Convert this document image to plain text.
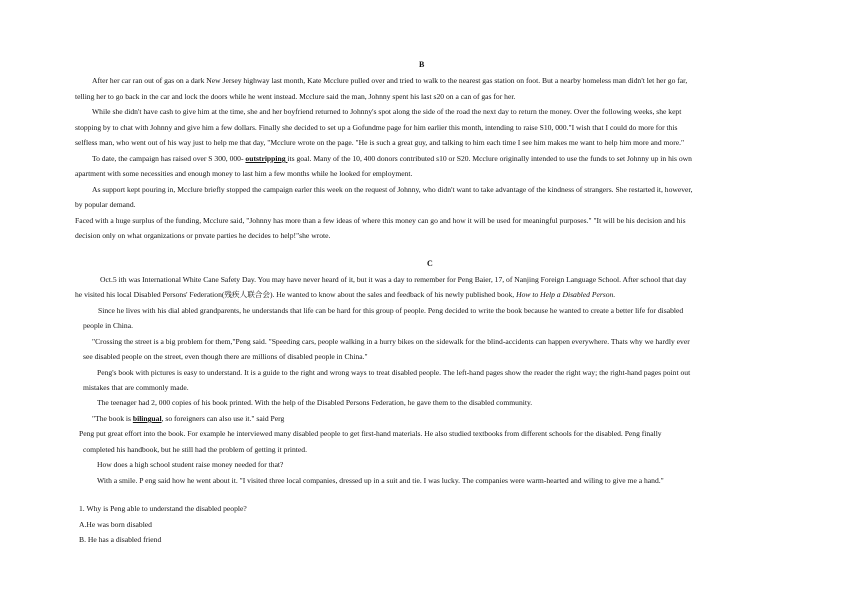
B
After her car ran out of gas on a dark New Jersey highway last month, Kate Mcclure pulled over and tried to walk to the nearest gas station on foot. But a nearby homeless man didn't let her go far,
telling her to go back in the car and lock the doors while he went instead. Mcclure said the man, Johnny spent his last s20 on a can of gas for her.
While she didn't have cash to give him at the time, she and her boyfriend returned to Johnny's spot along the side of the road the next day to return the money. Over the following weeks, she kept
stopping by to chat with Johnny and give him a few dollars. Finally she decided to set up a Gofundme page for him earlier this month, intending to raise S10, 000."I wish that I could do more for this
selfless man, who went out of his way just to help me that day, "Mcclure wrote on the page. "He is such a great guy, and talking to him each time I see him makes me want to help him more and more."
To date, the campaign has raised over S 300, 000- outstripping its goal. Many of the 10, 400 donors contributed s10 or S20. Mcclure originally intended to use the funds to set Johnny up in his own
apartment with some necessities and enough money to last him a few months while he looked for employment.
As support kept pouring in, Mcclure briefly stopped the campaign earler this week on the request of Johnny, who didn't want to take advantage of the kindness of strangers. She restarted it, however,
by popular demand.
Faced with a huge surplus of the funding, Mcclure said, "Johnny has more than a few ideas of where this money can go and how it will be used for meaningful purposes." "It will be his decision and his
decision only on what organizations or pnvate parties he decides to help!"she wrote.
C
Oct.5 ith was International White Cane Safety Day. You may have never heard of it, but it was a day to remember for Peng Baier, 17, of Nanjing Foreign Language School. After school that day
he visited his local Disabled Persons' Federation(残疾人联合会). He wanted to know about the sales and feedback of his newly published book, How to Help a Disabled Person.
Since he lives with his dial abled grandparents, he understands that life can be hard for this group of people. Peng decided to write the book because he wanted to create a better life for disabled
people in China.
"Crossing the street is a big problem for them,"Peng said. "Speeding cars, people walking in a hurry bikes on the sidewalk for the blind-accidents can happen everywhere. Thats why we hardly ever
see disabled people on the street, even though there are millions of disabled people in China."
Peng's book with pictures is easy to understand. It is a guide to the right and wrong ways to treat disabled people. The left-hand pages show the reader the right way; the right-hand pages point out
mistakes that are commonly made.
The teenager had 2, 000 copies of his book printed. With the help of the Disabled Persons Federation, he gave them to the disabled community.
"The book is bilingual, so foreigners can also use it." said Perg
Peng put great effort into the book. For example he interviewed many disabled people to get first-hand materials. He also studied textbooks from different schools for the disabled. Peng finally
completed his handbook, but he still had the problem of getting it printed.
How does a high school student raise money needed for that?
With a smile. P eng said how he went about it. "I visited three local companies, dressed up in a suit and tie. I was lucky. The companies were warm-hearted and wiling to give me a hand."
1. Why is Peng able to understand the disabled people?
A.He was born disabled
B. He has a disabled friend
